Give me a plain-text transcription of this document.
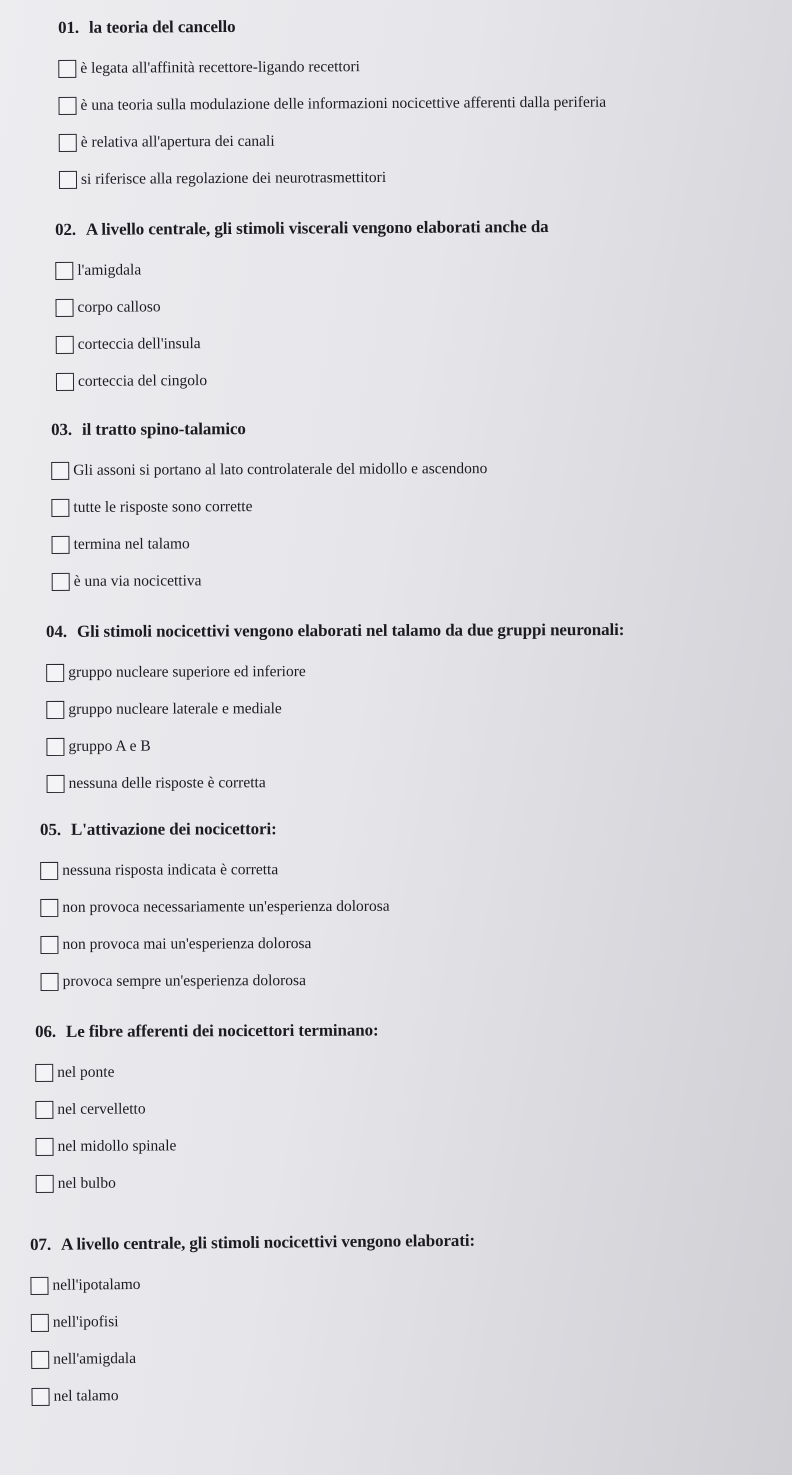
01. la teoria del cancello
è legata all'affinità recettore-ligando recettori
è una teoria sulla modulazione delle informazioni nocicettive afferenti dalla periferia
è relativa all'apertura dei canali
si riferisce alla regolazione dei neurotrasmettitori
02. A livello centrale, gli stimoli viscerali vengono elaborati anche da
l'amigdala
corpo calloso
corteccia dell'insula
corteccia del cingolo
03. il tratto spino-talamico
Gli assoni si portano al lato controlaterale del midollo e ascendono
tutte le risposte sono corrette
termina nel talamo
è una via nocicettiva
04. Gli stimoli nocicettivi vengono elaborati nel talamo da due gruppi neuronali:
gruppo nucleare superiore ed inferiore
gruppo nucleare laterale e mediale
gruppo A e B
nessuna delle risposte è corretta
05. L'attivazione dei nocicettori:
nessuna risposta indicata è corretta
non provoca necessariamente un'esperienza dolorosa
non provoca mai un'esperienza dolorosa
provoca sempre un'esperienza dolorosa
06. Le fibre afferenti dei nocicettori terminano:
nel ponte
nel cervelletto
nel midollo spinale
nel bulbo
07. A livello centrale, gli stimoli nocicettivi vengono elaborati:
nell'ipotalamo
nell'ipofisi
nell'amigdala
nel talamo
